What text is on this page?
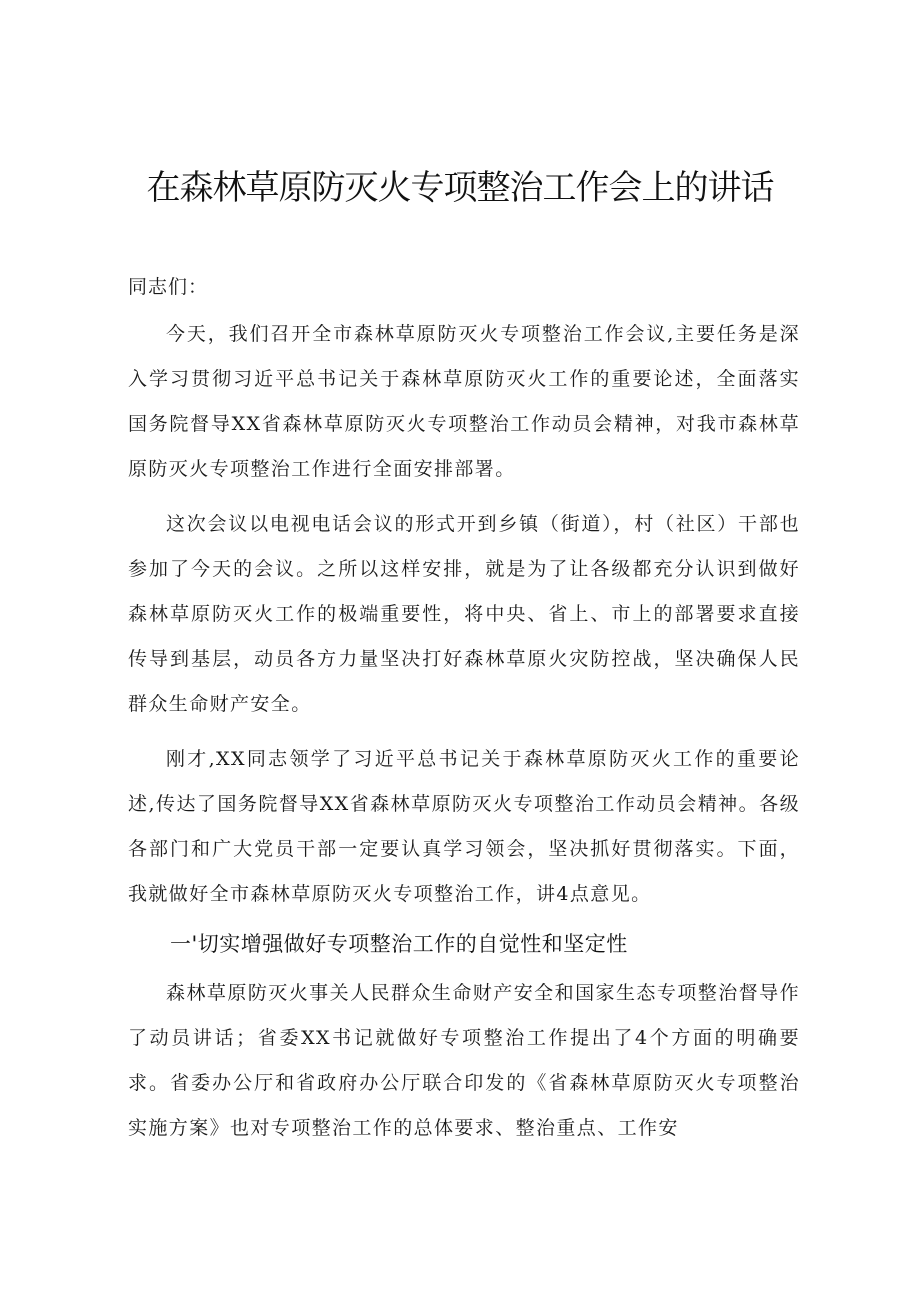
在森林草原防灭火专项整治工作会上的讲话

同志们：

今天，我们召开全市森林草原防灭火专项整治工作会议,主要任务是深入学习贯彻习近平总书记关于森林草原防灭火工作的重要论述，全面落实国务院督导XX省森林草原防灭火专项整治工作动员会精神，对我市森林草原防灭火专项整治工作进行全面安排部署。

这次会议以电视电话会议的形式开到乡镇（街道），村（社区）干部也参加了今天的会议。之所以这样安排，就是为了让各级都充分认识到做好森林草原防灭火工作的极端重要性，将中央、省上、市上的部署要求直接传导到基层，动员各方力量坚决打好森林草原火灾防控战，坚决确保人民群众生命财产安全。

刚才,XX同志领学了习近平总书记关于森林草原防灭火工作的重要论述,传达了国务院督导XX省森林草原防灭火专项整治工作动员会精神。各级各部门和广大党员干部一定要认真学习领会，坚决抓好贯彻落实。下面，我就做好全市森林草原防灭火专项整治工作，讲4点意见。

一'切实增强做好专项整治工作的自觉性和坚定性

森林草原防灭火事关人民群众生命财产安全和国家生态专项整治督导作了动员讲话；省委XX书记就做好专项整治工作提出了4个方面的明确要求。省委办公厅和省政府办公厅联合印发的《省森林草原防灭火专项整治实施方案》也对专项整治工作的总体要求、整治重点、工作安
